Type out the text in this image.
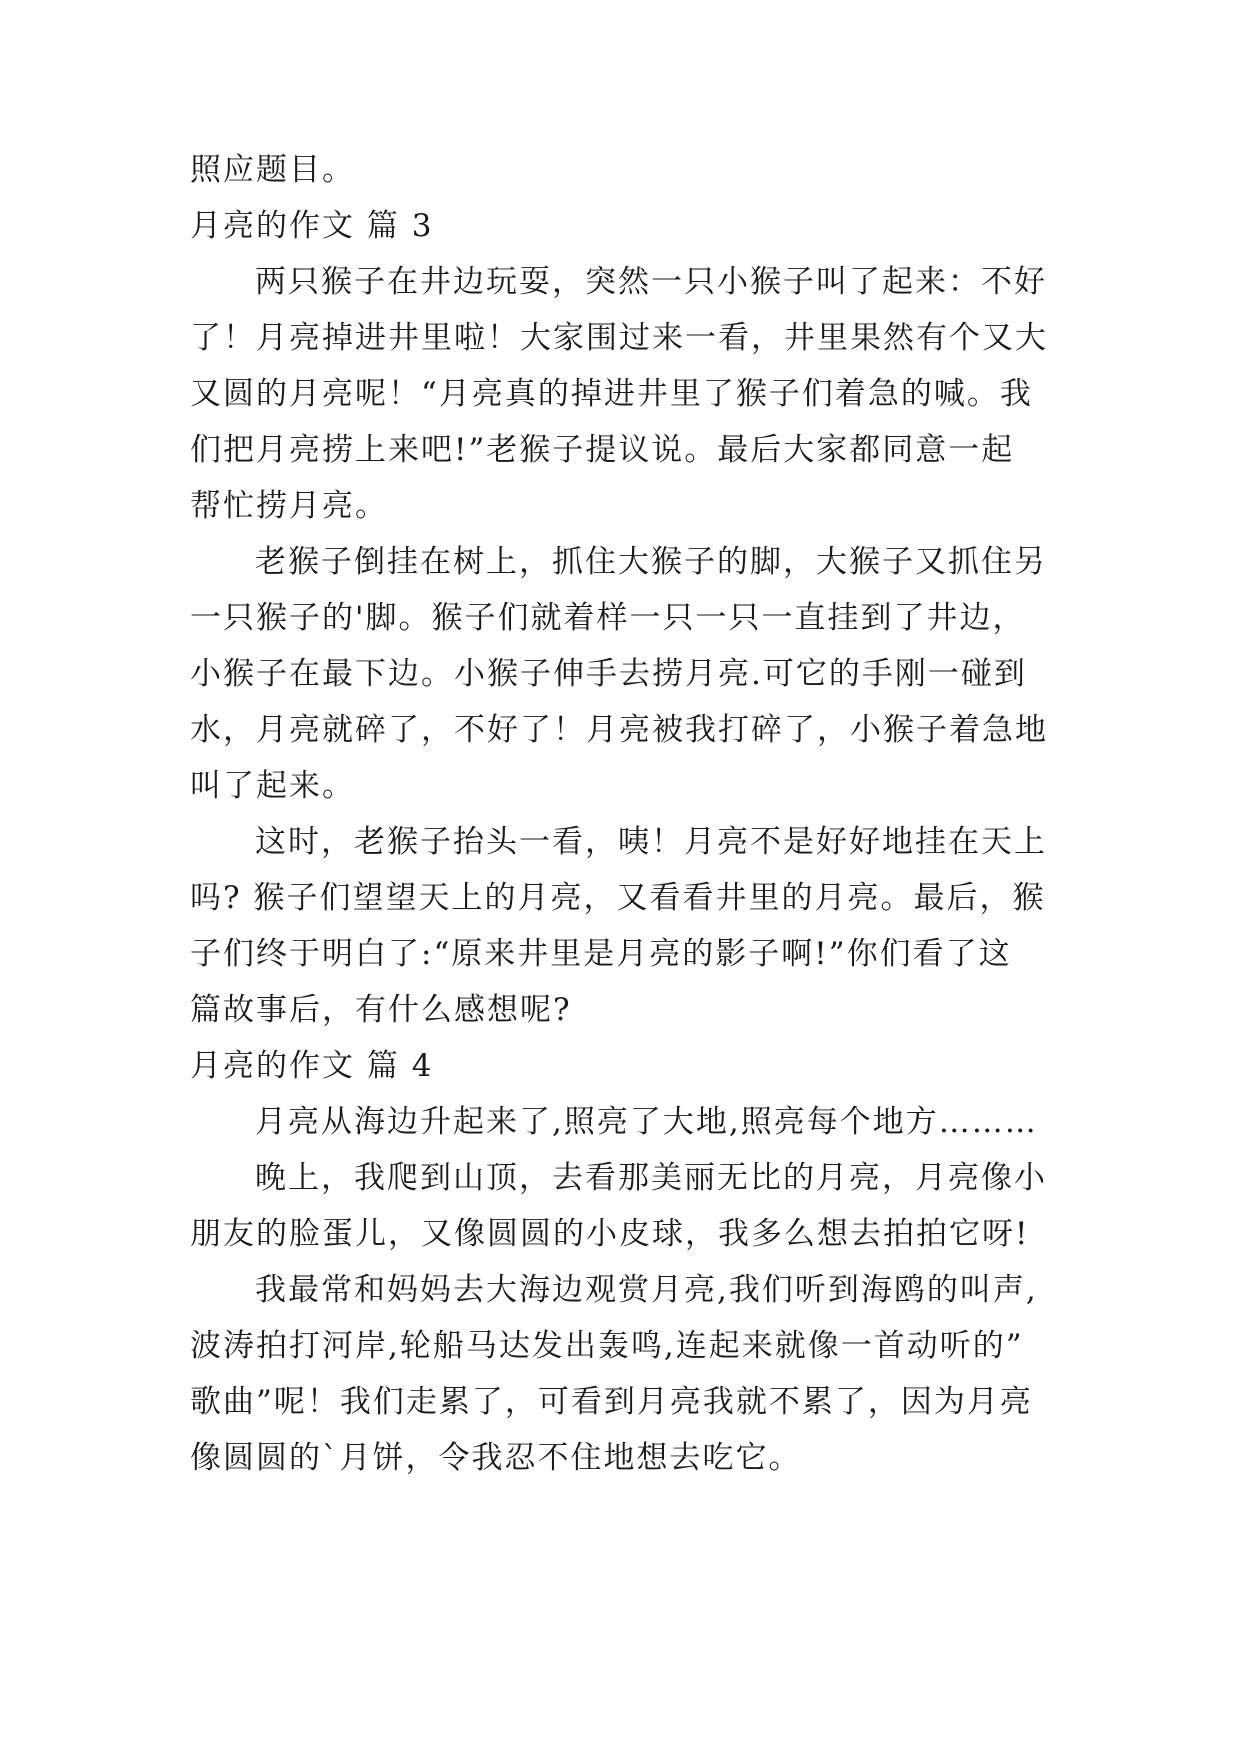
照应题目。
月亮的作文 篇 3
两只猴子在井边玩耍，突然一只小猴子叫了起来：不好
了！月亮掉进井里啦！大家围过来一看，井里果然有个又大
又圆的月亮呢！“月亮真的掉进井里了猴子们着急的喊。我
们把月亮捞上来吧!”老猴子提议说。最后大家都同意一起
帮忙捞月亮。
老猴子倒挂在树上，抓住大猴子的脚，大猴子又抓住另
一只猴子的'脚。猴子们就着样一只一只一直挂到了井边，
小猴子在最下边。小猴子伸手去捞月亮.可它的手刚一碰到
水，月亮就碎了，不好了！月亮被我打碎了，小猴子着急地
叫了起来。
这时，老猴子抬头一看，咦！月亮不是好好地挂在天上
吗? 猴子们望望天上的月亮，又看看井里的月亮。最后，猴
子们终于明白了:“原来井里是月亮的影子啊!”你们看了这
篇故事后，有什么感想呢?
月亮的作文 篇 4
月亮从海边升起来了,照亮了大地,照亮每个地方………
晚上，我爬到山顶，去看那美丽无比的月亮，月亮像小
朋友的脸蛋儿，又像圆圆的小皮球，我多么想去拍拍它呀!
我最常和妈妈去大海边观赏月亮,我们听到海鸥的叫声,
波涛拍打河岸,轮船马达发出轰鸣,连起来就像一首动听的”
歌曲”呢！我们走累了，可看到月亮我就不累了，因为月亮
像圆圆的`月饼，令我忍不住地想去吃它。
